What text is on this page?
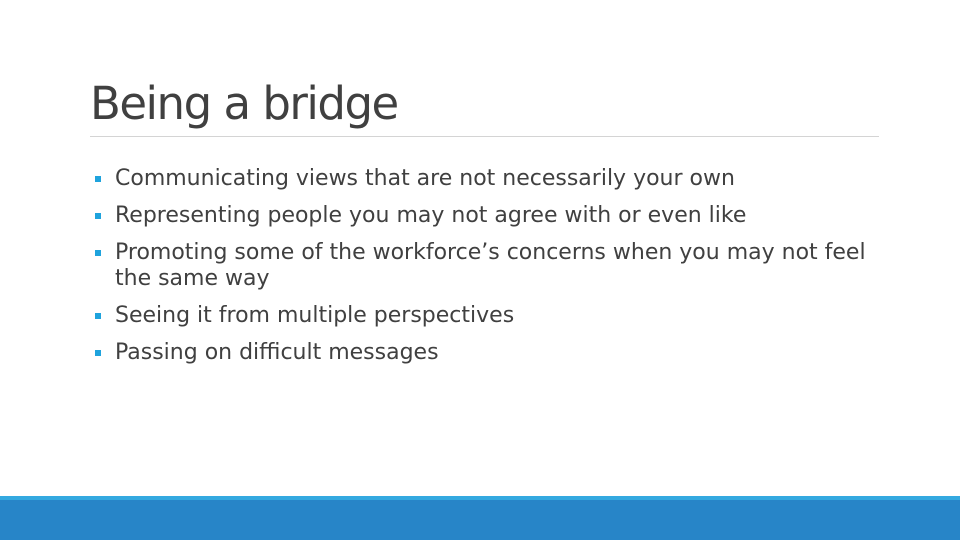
Being a bridge
Communicating views that are not necessarily your own
Representing people you may not agree with or even like
Promoting some of the workforce’s concerns when you may not feel the same way
Seeing it from multiple perspectives
Passing on difficult messages
